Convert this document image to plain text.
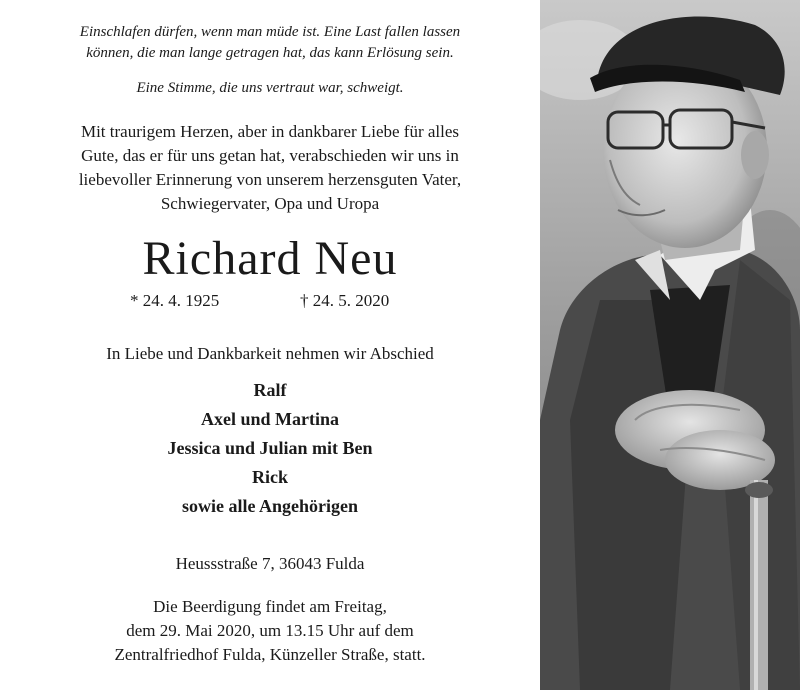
Einschlafen dürfen, wenn man müde ist. Eine Last fallen lassen
können, die man lange getragen hat, das kann Erlösung sein.
Eine Stimme, die uns vertraut war, schweigt.
Mit traurigem Herzen, aber in dankbarer Liebe für alles
Gute, das er für uns getan hat, verabschieden wir uns in
liebevoller Erinnerung von unserem herzensguten Vater,
Schwiegervater, Opa und Uropa
Richard Neu
* 24. 4. 1925	† 24. 5. 2020
In Liebe und Dankbarkeit nehmen wir Abschied
Ralf
Axel und Martina
Jessica und Julian mit Ben
Rick
sowie alle Angehörigen
Heussstraße 7, 36043 Fulda
Die Beerdigung findet am Freitag,
dem 29. Mai 2020, um 13.15 Uhr auf dem
Zentralfriedhof Fulda, Künzeller Straße, statt.
